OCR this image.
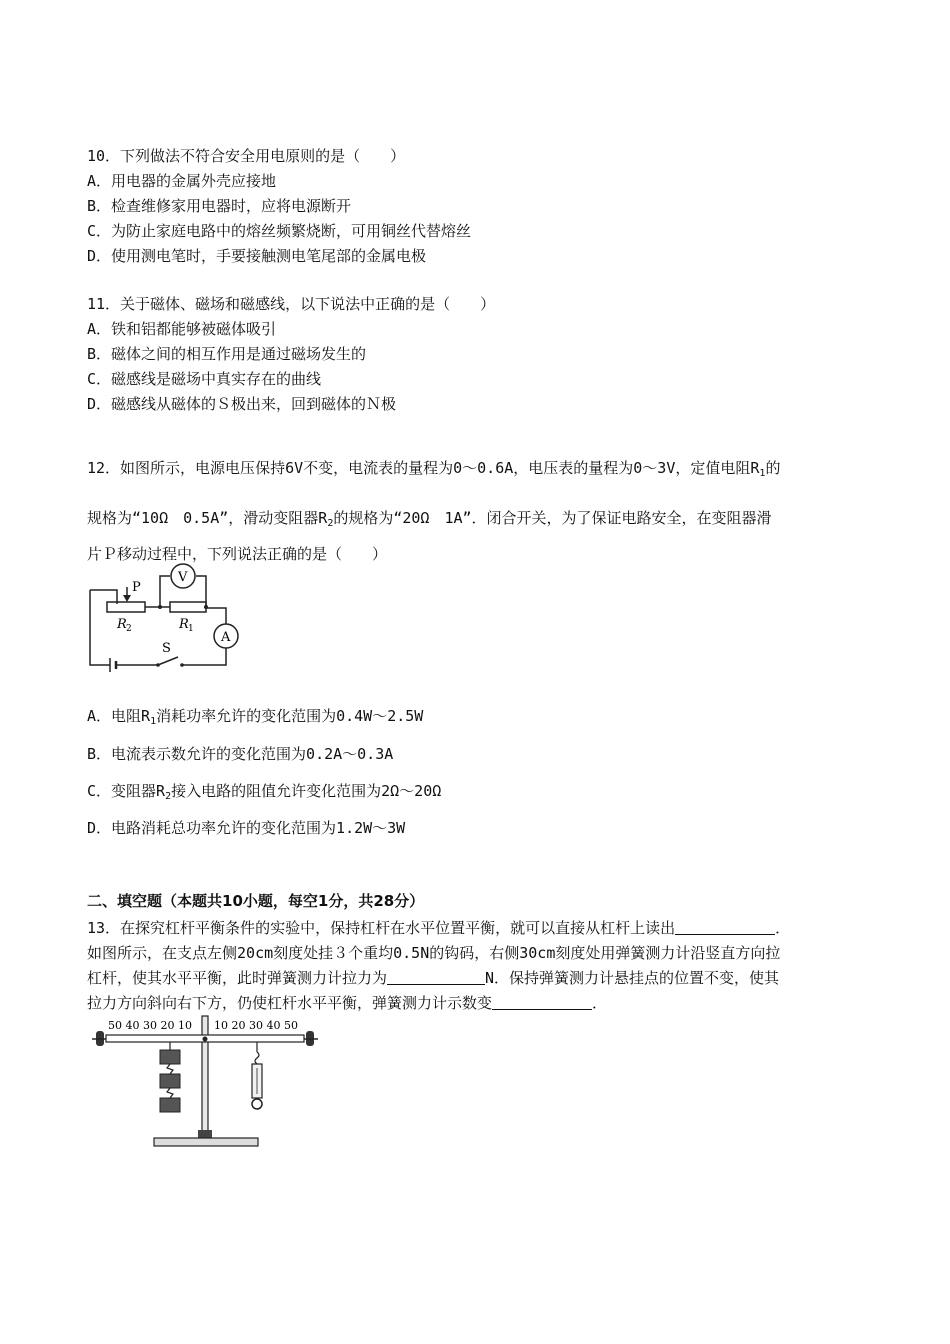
10．下列做法不符合安全用电原则的是（　　）
A．用电器的金属外壳应接地
B．检查维修家用电器时，应将电源断开
C．为防止家庭电路中的熔丝频繁烧断，可用铜丝代替熔丝
D．使用测电笔时，手要接触测电笔尾部的金属电极
11．关于磁体、磁场和磁感线，以下说法中正确的是（　　）
A．铁和铝都能够被磁体吸引
B．磁体之间的相互作用是通过磁场发生的
C．磁感线是磁场中真实存在的曲线
D．磁感线从磁体的Ｓ极出来，回到磁体的Ｎ极
12．如图所示，电源电压保持6V不变，电流表的量程为0～0.6A，电压表的量程为0～3V，定值电阻$R_1$的
规格为“10Ω　0.5A”，滑动变阻器$R_2$的规格为“20Ω　1A”．闭合开关，为了保证电路安全，在变阻器滑
片Ｐ移动过程中，下列说法正确的是（　　）
P
V
A
R 2	R 1
S
A．电阻$R_1$消耗功率允许的变化范围为0.4W～2.5W
B．电流表示数允许的变化范围为0.2A～0.3A
C．变阻器$R_2$接入电路的阻值允许变化范围为2Ω～20Ω
D．电路消耗总功率允许的变化范围为1.2W～3W
二、填空题（本题共10小题，每空1分，共28分）
13．在探究杠杆平衡条件的实验中，保持杠杆在水平位置平衡，就可以直接从杠杆上读出	．
如图所示，在支点左侧20cm刻度处挂３个重均0.5N的钩码，右侧30cm刻度处用弹簧测力计沿竖直方向拉
杠杆，使其水平平衡，此时弹簧测力计拉力为	N．保持弹簧测力计悬挂点的位置不变，使其
拉力方向斜向右下方，仍使杠杆水平平衡，弹簧测力计示数变	．
50 40 30 20 10 10 20 30 40 50
